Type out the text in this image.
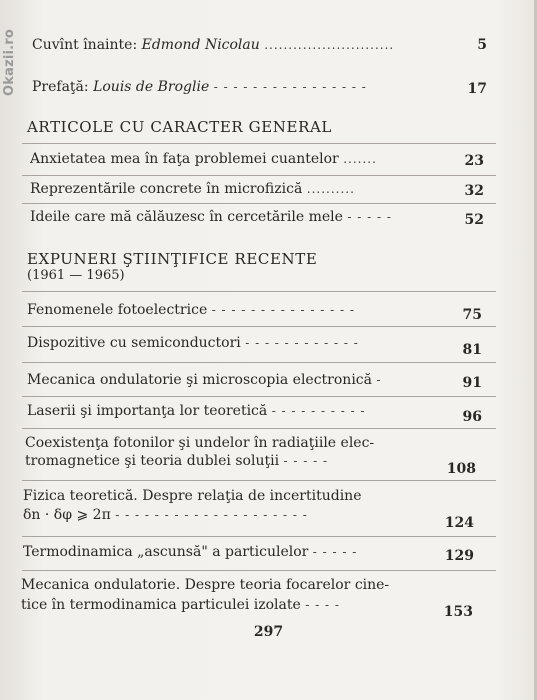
Okazii.ro Cuvînt înainte: Edmond Nicolau ...........................	5
Prefaţă: Louis de Broglie - - - - - - - - - - - - - - - -	17
ARTICOLE CU CARACTER GENERAL
Anxietatea mea în faţa problemei cuantelor .......	23
Reprezentările concrete în microfizică ..........	32
Ideile care mă călăuzesc în cercetările mele - - - - -	52
EXPUNERI ŞTIINŢIFICE RECENTE
(1961 — 1965)
Fenomenele fotoelectrice - - - - - - - - - - - - - - -	75
Dispozitive cu semiconductori - - - - - - - - - - - -	81
Mecanica ondulatorie şi microscopia electronică -	91
Laserii şi importanţa lor teoretică - - - - - - - - - -	96
Coexistenţa fotonilor şi undelor în radiaţiile elec-
tromagnetice şi teoria dublei soluţii - - - - -	108
Fizica teoretică. Despre relaţia de incertitudine
δn · δφ ⩾ 2π - - - - - - - - - - - - - - - - - - - -	124
Termodinamica „ascunsă" a particulelor - - - - -	129
Mecanica ondulatorie. Despre teoria focarelor cine-
tice în termodinamica particulei izolate - - - -	153
297
